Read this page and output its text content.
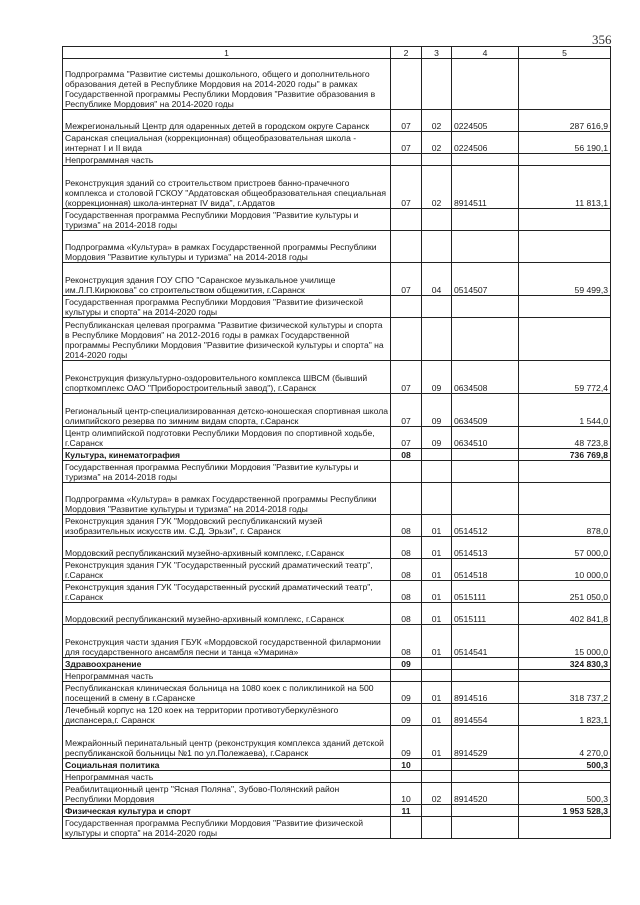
356
1	2	3	4	5
Подпрограмма "Развитие системы дошкольного, общего и дополнительного образования детей в Республике Мордовия на 2014-2020 годы" в рамках Государственной программы Республики Мордовия "Развитие образования в Республике Мордовия" на 2014-2020 годы				
Межрегиональный Центр для одаренных детей в городском округе Саранск	07	02	0224505	287 616,9
Саранская специальная (коррекционная) общеобразовательная школа - интернат I и II вида	07	02	0224506	56 190,1
Непрограммная часть				
Реконструкция зданий со строительством пристроев банно-прачечного комплекса и столовой ГСКОУ "Ардатовская общеобразовательная специальная (коррекционная) школа-интернат IV вида", г.Ардатов	07	02	8914511	11 813,1
Государственная программа Республики Мордовия "Развитие культуры и туризма" на 2014-2018 годы				
Подпрограмма «Культура» в рамках Государственной программы Республики Мордовия "Развитие культуры и туризма" на 2014-2018 годы				
Реконструкция здания ГОУ СПО "Саранское музыкальное училище им.Л.П.Кирюкова" со строительством общежития, г.Саранск	07	04	0514507	59 499,3
Государственная программа Республики Мордовия "Развитие физической культуры и спорта" на 2014-2020 годы				
Республиканская целевая программа "Развитие физической культуры и спорта в Республике Мордовия" на 2012-2016 годы в рамках Государственной программы Республики Мордовия "Развитие физической культуры и спорта" на 2014-2020 годы				
Реконструкция физкультурно-оздоровительного комплекса ШВСМ (бывший спорткомплекс ОАО "Приборостроительный завод"), г.Саранск	07	09	0634508	59 772,4
Региональный центр-специализированная детско-юношеская спортивная школа олимпийского резерва по зимним видам спорта, г.Саранск	07	09	0634509	1 544,0
Центр олимпийской подготовки Республики Мордовия по спортивной ходьбе, г.Саранск	07	09	0634510	48 723,8
Культура, кинематография	08			736 769,8
Государственная программа Республики Мордовия "Развитие культуры и туризма" на 2014-2018 годы				
Подпрограмма «Культура» в рамках Государственной программы Республики Мордовия "Развитие культуры и туризма" на 2014-2018 годы				
Реконструкция здания ГУК "Мордовский республиканский музей изобразительных искусств им. С.Д. Эрьзи", г. Саранск	08	01	0514512	878,0
Мордовский республиканский музейно-архивный комплекс, г.Саранск	08	01	0514513	57 000,0
Реконструкция здания ГУК "Государственный русский драматический театр", г.Саранск	08	01	0514518	10 000,0
Реконструкция здания ГУК "Государственный русский драматический театр", г.Саранск	08	01	0515111	251 050,0
Мордовский республиканский музейно-архивный комплекс, г.Саранск	08	01	0515111	402 841,8
Реконструкция части здания ГБУК «Мордовской государственной филармонии для государственного ансамбля песни и танца «Умарина»	08	01	0514541	15 000,0
Здравоохранение	09			324 830,3
Непрограммная часть				
Республиканская клиническая больница на 1080 коек с поликлиникой на 500 посещений в смену в г.Саранске	09	01	8914516	318 737,2
Лечебный корпус на 120 коек на территории противотуберкулёзного диспансера,г. Саранск	09	01	8914554	1 823,1
Межрайонный перинатальный центр (реконструкция комплекса зданий детской республиканской больницы №1 по ул.Полежаева), г.Саранск	09	01	8914529	4 270,0
Социальная политика	10			500,3
Непрограммная часть				
Реабилитационный центр "Ясная Поляна", Зубово-Полянский район Республики Мордовия	10	02	8914520	500,3
Физическая культура и спорт	11			1 953 528,3
Государственная программа Республики Мордовия "Развитие физической культуры и спорта" на 2014-2020 годы				
